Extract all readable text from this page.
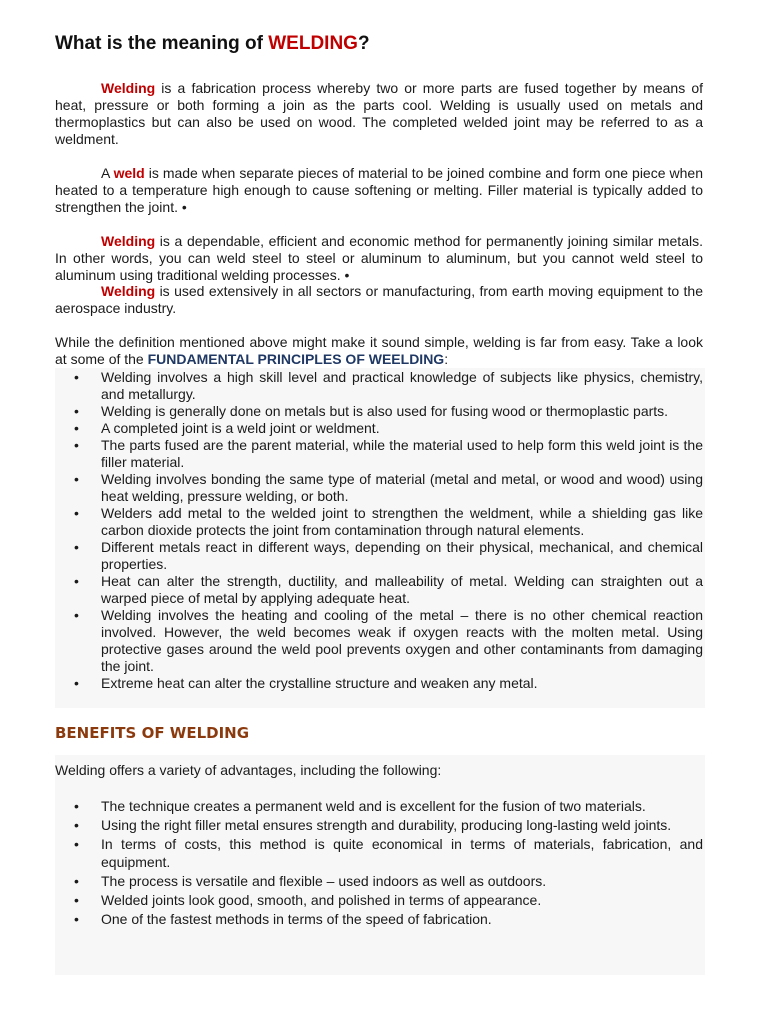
What is the meaning of WELDING?

Welding is a fabrication process whereby two or more parts are fused together by means of heat, pressure or both forming a join as the parts cool. Welding is usually used on metals and thermoplastics but can also be used on wood. The completed welded joint may be referred to as a weldment.

A weld is made when separate pieces of material to be joined combine and form one piece when heated to a temperature high enough to cause softening or melting. Filler material is typically added to strengthen the joint. •

Welding is a dependable, efficient and economic method for permanently joining similar metals. In other words, you can weld steel to steel or aluminum to aluminum, but you cannot weld steel to aluminum using traditional welding processes. •

Welding is used extensively in all sectors or manufacturing, from earth moving equipment to the aerospace industry.

While the definition mentioned above might make it sound simple, welding is far from easy. Take a look at some of the FUNDAMENTAL PRINCIPLES OF WEELDING:

• Welding involves a high skill level and practical knowledge of subjects like physics, chemistry, and metallurgy.
• Welding is generally done on metals but is also used for fusing wood or thermoplastic parts.
• A completed joint is a weld joint or weldment.
• The parts fused are the parent material, while the material used to help form this weld joint is the filler material.
• Welding involves bonding the same type of material (metal and metal, or wood and wood) using heat welding, pressure welding, or both.
• Welders add metal to the welded joint to strengthen the weldment, while a shielding gas like carbon dioxide protects the joint from contamination through natural elements.
• Different metals react in different ways, depending on their physical, mechanical, and chemical properties.
• Heat can alter the strength, ductility, and malleability of metal. Welding can straighten out a warped piece of metal by applying adequate heat.
• Welding involves the heating and cooling of the metal – there is no other chemical reaction involved. However, the weld becomes weak if oxygen reacts with the molten metal. Using protective gases around the weld pool prevents oxygen and other contaminants from damaging the joint.
• Extreme heat can alter the crystalline structure and weaken any metal.
BENEFITS OF WELDING

Welding offers a variety of advantages, including the following:

• The technique creates a permanent weld and is excellent for the fusion of two materials.
• Using the right filler metal ensures strength and durability, producing long-lasting weld joints.
• In terms of costs, this method is quite economical in terms of materials, fabrication, and equipment.
• The process is versatile and flexible – used indoors as well as outdoors.
• Welded joints look good, smooth, and polished in terms of appearance.
• One of the fastest methods in terms of the speed of fabrication.
